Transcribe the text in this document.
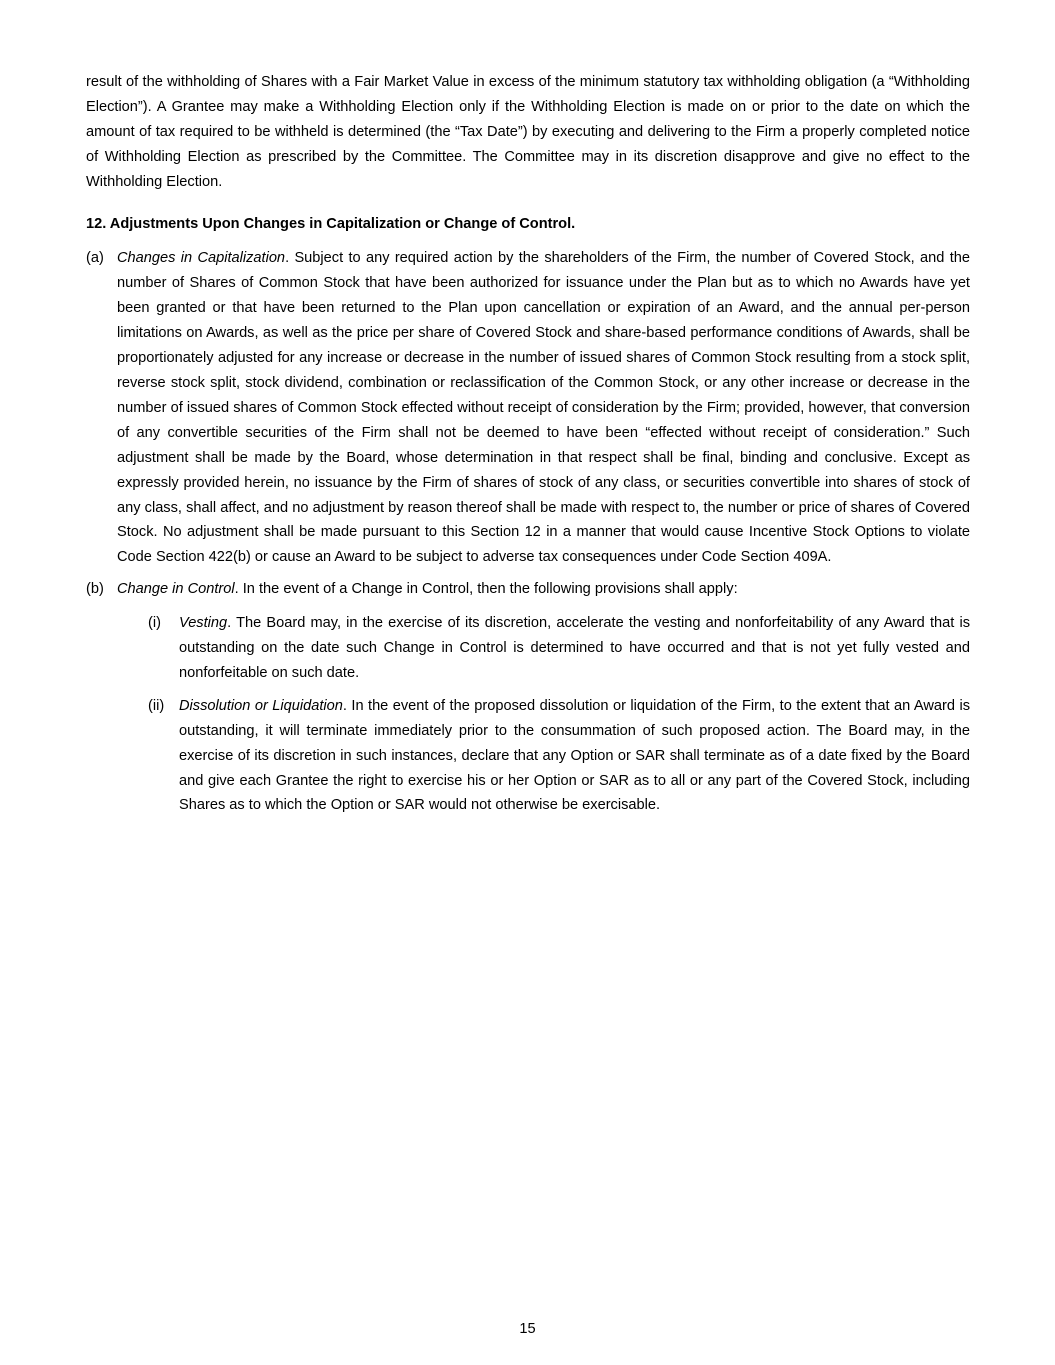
result of the withholding of Shares with a Fair Market Value in excess of the minimum statutory tax withholding obligation (a “Withholding Election”). A Grantee may make a Withholding Election only if the Withholding Election is made on or prior to the date on which the amount of tax required to be withheld is determined (the “Tax Date”) by executing and delivering to the Firm a properly completed notice of Withholding Election as prescribed by the Committee. The Committee may in its discretion disapprove and give no effect to the Withholding Election.

12. Adjustments Upon Changes in Capitalization or Change of Control.
(a) Changes in Capitalization. Subject to any required action by the shareholders of the Firm, the number of Covered Stock, and the number of Shares of Common Stock that have been authorized for issuance under the Plan but as to which no Awards have yet been granted or that have been returned to the Plan upon cancellation or expiration of an Award, and the annual per-person limitations on Awards, as well as the price per share of Covered Stock and share-based performance conditions of Awards, shall be proportionately adjusted for any increase or decrease in the number of issued shares of Common Stock resulting from a stock split, reverse stock split, stock dividend, combination or reclassification of the Common Stock, or any other increase or decrease in the number of issued shares of Common Stock effected without receipt of consideration by the Firm; provided, however, that conversion of any convertible securities of the Firm shall not be deemed to have been “effected without receipt of consideration.” Such adjustment shall be made by the Board, whose determination in that respect shall be final, binding and conclusive. Except as expressly provided herein, no issuance by the Firm of shares of stock of any class, or securities convertible into shares of stock of any class, shall affect, and no adjustment by reason thereof shall be made with respect to, the number or price of shares of Covered Stock. No adjustment shall be made pursuant to this Section 12 in a manner that would cause Incentive Stock Options to violate Code Section 422(b) or cause an Award to be subject to adverse tax consequences under Code Section 409A.
(b) Change in Control. In the event of a Change in Control, then the following provisions shall apply:
(i) Vesting. The Board may, in the exercise of its discretion, accelerate the vesting and nonforfeitability of any Award that is outstanding on the date such Change in Control is determined to have occurred and that is not yet fully vested and nonforfeitable on such date.
(ii) Dissolution or Liquidation. In the event of the proposed dissolution or liquidation of the Firm, to the extent that an Award is outstanding, it will terminate immediately prior to the consummation of such proposed action. The Board may, in the exercise of its discretion in such instances, declare that any Option or SAR shall terminate as of a date fixed by the Board and give each Grantee the right to exercise his or her Option or SAR as to all or any part of the Covered Stock, including Shares as to which the Option or SAR would not otherwise be exercisable.
15
